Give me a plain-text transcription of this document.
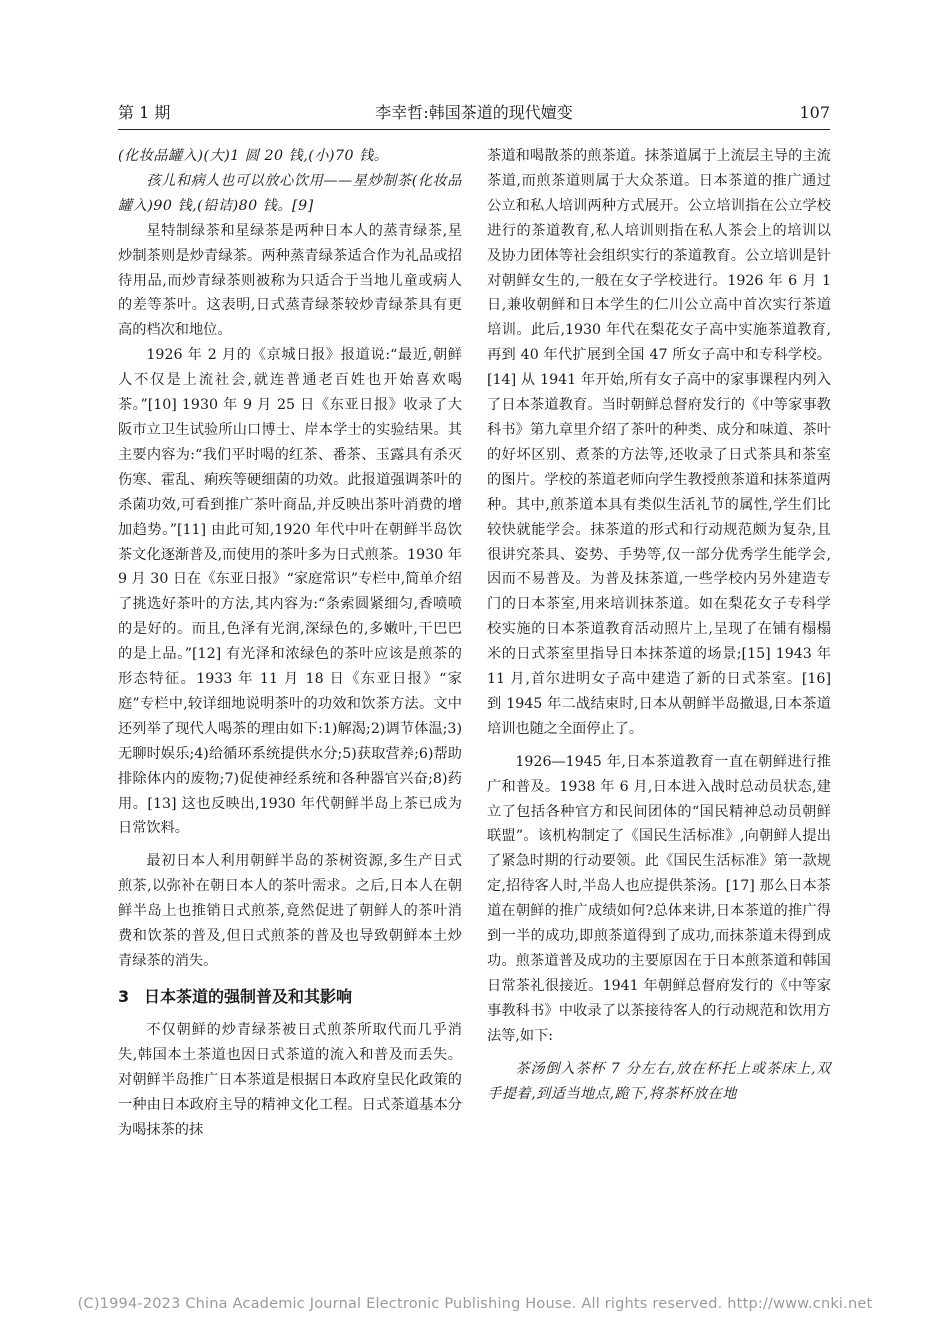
第 1 期	李幸哲:韩国茶道的现代嬗变	107

(化妆品罐入)(大)1 圆 20 钱,(小)70 钱。

孩儿和病人也可以放心饮用——星炒制茶(化妆品罐入)90 钱,(铅诘)80 钱。[9]

星特制绿茶和星绿茶是两种日本人的蒸青绿茶,星炒制茶则是炒青绿茶。两种蒸青绿茶适合作为礼品或招待用品,而炒青绿茶则被称为只适合于当地儿童或病人的差等茶叶。这表明,日式蒸青绿茶较炒青绿茶具有更高的档次和地位。

1926 年 2 月的《京城日报》报道说:“最近,朝鲜人不仅是上流社会,就连普通老百姓也开始喜欢喝茶。”[10] 1930 年 9 月 25 日《东亚日报》收录了大阪市立卫生试验所山口博士、岸本学士的实验结果。其主要内容为:“我们平时喝的红茶、番茶、玉露具有杀灭伤寒、霍乱、痢疾等硬细菌的功效。此报道强调茶叶的杀菌功效,可看到推广茶叶商品,并反映出茶叶消费的增加趋势。”[11] 由此可知,1920 年代中叶在朝鲜半岛饮茶文化逐渐普及,而使用的茶叶多为日式煎茶。1930 年 9 月 30 日在《东亚日报》“家庭常识”专栏中,简单介绍了挑选好茶叶的方法,其内容为:“条索圆紧细匀,香喷喷的是好的。而且,色泽有光润,深绿色的,多嫩叶,干巴巴的是上品。”[12] 有光泽和浓绿色的茶叶应该是煎茶的形态特征。1933 年 11 月 18 日《东亚日报》“家庭”专栏中,较详细地说明茶叶的功效和饮茶方法。文中还列举了现代人喝茶的理由如下:1)解渴;2)调节体温;3)无聊时娱乐;4)给循环系统提供水分;5)获取营养;6)帮助排除体内的废物;7)促使神经系统和各种器官兴奋;8)药用。[13] 这也反映出,1930 年代朝鲜半岛上茶已成为日常饮料。

最初日本人利用朝鲜半岛的茶树资源,多生产日式煎茶,以弥补在朝日本人的茶叶需求。之后,日本人在朝鲜半岛上也推销日式煎茶,竟然促进了朝鲜人的茶叶消费和饮茶的普及,但日式煎茶的普及也导致朝鲜本土炒青绿茶的消失。

3 日本茶道的强制普及和其影响

不仅朝鲜的炒青绿茶被日式煎茶所取代而几乎消失,韩国本土茶道也因日式茶道的流入和普及而丢失。对朝鲜半岛推广日本茶道是根据日本政府皇民化政策的一种由日本政府主导的精神文化工程。日式茶道基本分为喝抹茶的抹

茶道和喝散茶的煎茶道。抹茶道属于上流层主导的主流茶道,而煎茶道则属于大众茶道。日本茶道的推广通过公立和私人培训两种方式展开。公立培训指在公立学校进行的茶道教育,私人培训则指在私人茶会上的培训以及协力团体等社会组织实行的茶道教育。公立培训是针对朝鲜女生的,一般在女子学校进行。1926 年 6 月 1 日,兼收朝鲜和日本学生的仁川公立高中首次实行茶道培训。此后,1930 年代在梨花女子高中实施茶道教育,再到 40 年代扩展到全国 47 所女子高中和专科学校。[14] 从 1941 年开始,所有女子高中的家事课程内列入了日本茶道教育。当时朝鲜总督府发行的《中等家事教科书》第九章里介绍了茶叶的种类、成分和味道、茶叶的好坏区别、煮茶的方法等,还收录了日式茶具和茶室的图片。学校的茶道老师向学生教授煎茶道和抹茶道两种。其中,煎茶道本具有类似生活礼节的属性,学生们比较快就能学会。抹茶道的形式和行动规范颇为复杂,且很讲究茶具、姿势、手势等,仅一部分优秀学生能学会,因而不易普及。为普及抹茶道,一些学校内另外建造专门的日本茶室,用来培训抹茶道。如在梨花女子专科学校实施的日本茶道教育活动照片上,呈现了在铺有榻榻米的日式茶室里指导日本抹茶道的场景;[15] 1943 年 11 月,首尔进明女子高中建造了新的日式茶室。[16] 到 1945 年二战结束时,日本从朝鲜半岛撤退,日本茶道培训也随之全面停止了。

1926—1945 年,日本茶道教育一直在朝鲜进行推广和普及。1938 年 6 月,日本进入战时总动员状态,建立了包括各种官方和民间团体的“国民精神总动员朝鲜联盟”。该机构制定了《国民生活标准》,向朝鲜人提出了紧急时期的行动要领。此《国民生活标准》第一款规定,招待客人时,半岛人也应提供茶汤。[17] 那么日本茶道在朝鲜的推广成绩如何?总体来讲,日本茶道的推广得到一半的成功,即煎茶道得到了成功,而抹茶道未得到成功。煎茶道普及成功的主要原因在于日本煎茶道和韩国日常茶礼很接近。1941 年朝鲜总督府发行的《中等家事教科书》中收录了以茶接待客人的行动规范和饮用方法等,如下:

茶汤倒入茶杯 7 分左右,放在杯托上或茶床上,双手提着,到适当地点,跪下,将茶杯放在地

(C)1994-2023 China Academic Journal Electronic Publishing House. All rights reserved. http://www.cnki.net
